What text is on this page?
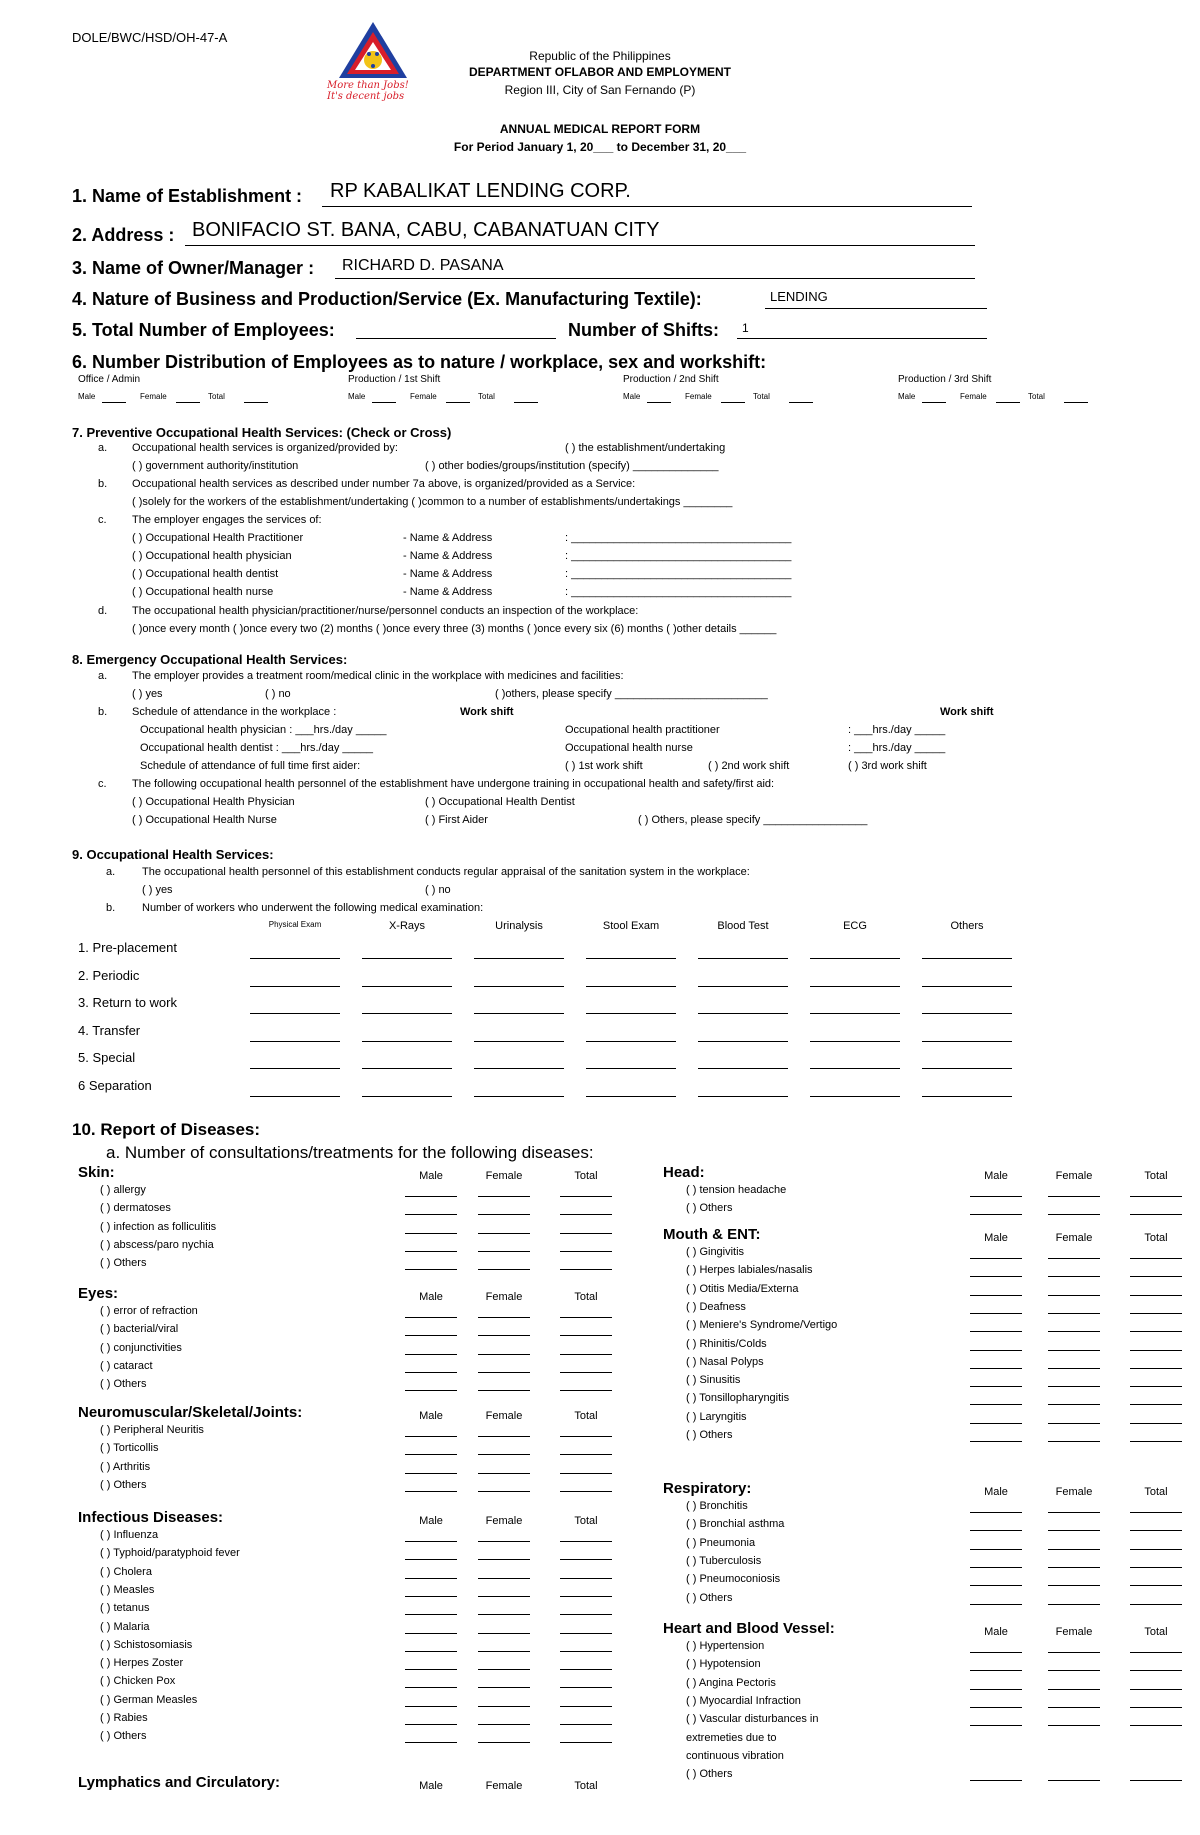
DOLE/BWC/HSD/OH-47-A
More than Jobs! It's decent jobs
Republic of the Philippines
DEPARTMENT OFLABOR AND EMPLOYMENT
Region III, City of San Fernando (P)
ANNUAL MEDICAL REPORT FORM
For Period January 1, 20___ to December 31, 20___
1. Name of Establishment : RP KABALIKAT LENDING CORP.
2. Address : BONIFACIO ST. BANA, CABU, CABANATUAN CITY
3. Name of Owner/Manager : RICHARD D. PASANA
4. Nature of Business and Production/Service (Ex. Manufacturing Textile):	LENDING
5. Total Number of Employees:	Number of Shifts: 1
6. Number Distribution of Employees as to nature / workplace, sex and workshift:
Office / Admin
Male	Female	Total
Production / 1st Shift
Male	Female	Total
Production / 2nd Shift
Male	Female	Total
Production / 3rd Shift
Male	Female	Total
7. Preventive Occupational Health Services: (Check or Cross)
a. Occupational health services is organized/provided by:	( ) the establishment/undertaking
( ) government authority/institution	( ) other bodies/groups/institution (specify) ______________
b. Occupational health services as described under number 7a above, is organized/provided as a Service:
( )solely for the workers of the establishment/undertaking ( )common to a number of establishments/undertakings ________
c. The employer engages the services of:
( ) Occupational Health Practitioner	- Name & Address	: ____________________________________
( ) Occupational health physician	- Name & Address	: ____________________________________
( ) Occupational health dentist	- Name & Address	: ____________________________________
( ) Occupational health nurse	- Name & Address	: ____________________________________
d. The occupational health physician/practitioner/nurse/personnel conducts an inspection of the workplace:
( )once every month ( )once every two (2) months ( )once every three (3) months ( )once every six (6) months ( )other details ______
8. Emergency Occupational Health Services:
a. The employer provides a treatment room/medical clinic in the workplace with medicines and facilities:
( ) yes	( ) no	( )others, please specify _________________________
b. Schedule of attendance in the workplace :	Work shift	Work shift
Occupational health physician : ___hrs./day _____	Occupational health practitioner	: ___hrs./day _____
Occupational health dentist : ___hrs./day _____	Occupational health nurse	: ___hrs./day _____
Schedule of attendance of full time first aider:	( ) 1st work shift	( ) 2nd work shift	( ) 3rd work shift
c. The following occupational health personnel of the establishment have undergone training in occupational health and safety/first aid:
( ) Occupational Health Physician	( ) Occupational Health Dentist
( ) Occupational Health Nurse	( ) First Aider	( ) Others, please specify _________________
9. Occupational Health Services:
a. The occupational health personnel of this establishment conducts regular appraisal of the sanitation system in the workplace:
( ) yes	( ) no
b. Number of workers who underwent the following medical examination:
Physical Exam	X-Rays	Urinalysis	Stool Exam	Blood Test	ECG	Others
1. Pre-placement
2. Periodic
3. Return to work
4. Transfer
5. Special
6 Separation
10. Report of Diseases:
a. Number of consultations/treatments for the following diseases:
Skin:	Male	Female	Total
( ) allergy
( ) dermatoses
( ) infection as folliculitis
( ) abscess/paro nychia
( ) Others
Eyes:	Male	Female	Total
( ) error of refraction
( ) bacterial/viral
( ) conjunctivities
( ) cataract
( ) Others
Neuromuscular/Skeletal/Joints:	Male	Female	Total
( ) Peripheral Neuritis
( ) Torticollis
( ) Arthritis
( ) Others
Infectious Diseases:	Male	Female	Total
( ) Influenza
( ) Typhoid/paratyphoid fever
( ) Cholera
( ) Measles
( ) tetanus
( ) Malaria
( ) Schistosomiasis
( ) Herpes Zoster
( ) Chicken Pox
( ) German Measles
( ) Rabies
( ) Others
Lymphatics and Circulatory:	Male	Female	Total
Head:	Male	Female	Total
( ) tension headache
( ) Others
Mouth & ENT:	Male	Female	Total
( ) Gingivitis
( ) Herpes labiales/nasalis
( ) Otitis Media/Externa
( ) Deafness
( ) Meniere's Syndrome/Vertigo
( ) Rhinitis/Colds
( ) Nasal Polyps
( ) Sinusitis
( ) Tonsillopharyngitis
( ) Laryngitis
( ) Others
Respiratory:	Male	Female	Total
( ) Bronchitis
( ) Bronchial asthma
( ) Pneumonia
( ) Tuberculosis
( ) Pneumoconiosis
( ) Others
Heart and Blood Vessel:	Male	Female	Total
( ) Hypertension
( ) Hypotension
( ) Angina Pectoris
( ) Myocardial Infraction
( ) Vascular disturbances in
extremeties due to
continuous vibration
( ) Others
